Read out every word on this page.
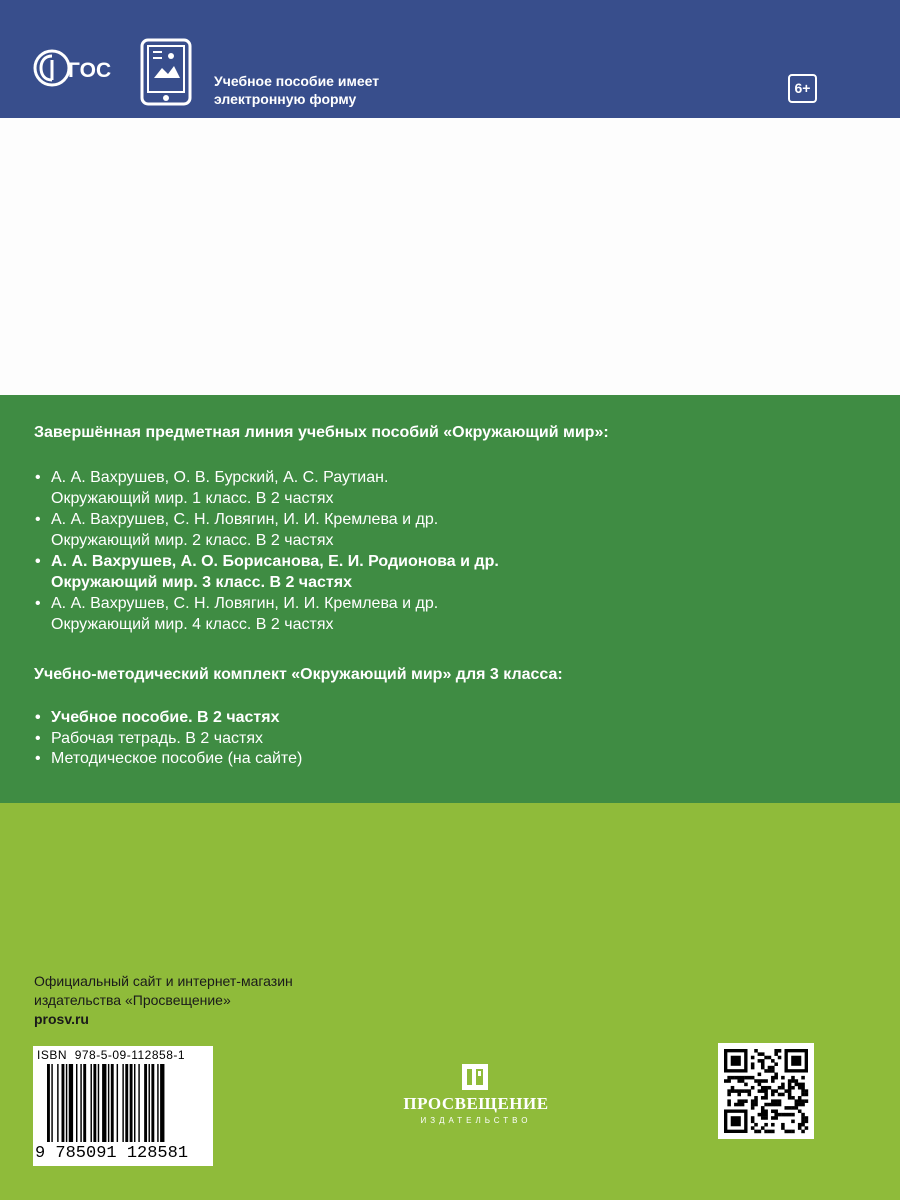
ГОС	Учебное пособие имеет
электронную форму
6+
Завершённая предметная линия учебных пособий «Окружающий мир»:
• А. А. Вахрушев, О. В. Бурский, А. С. Раутиан.
Окружающий мир. 1 класс. В 2 частях
• А. А. Вахрушев, С. Н. Ловягин, И. И. Кремлева и др.
Окружающий мир. 2 класс. В 2 частях
• А. А. Вахрушев, А. О. Борисанова, Е. И. Родионова и др.
Окружающий мир. 3 класс. В 2 частях
• А. А. Вахрушев, С. Н. Ловягин, И. И. Кремлева и др.
Окружающий мир. 4 класс. В 2 частях
Учебно-методический комплект «Окружающий мир» для 3 класса:
• Учебное пособие. В 2 частях
• Рабочая тетрадь. В 2 частях
• Методическое пособие (на сайте)
Официальный сайт и интернет-магазин
издательства «Просвещение»
prosv.ru
ISBN 978-5-09-112858-1
9 785091 128581
ПРОСВЕЩЕНИЕ
ИЗДАТЕЛЬСТВО
